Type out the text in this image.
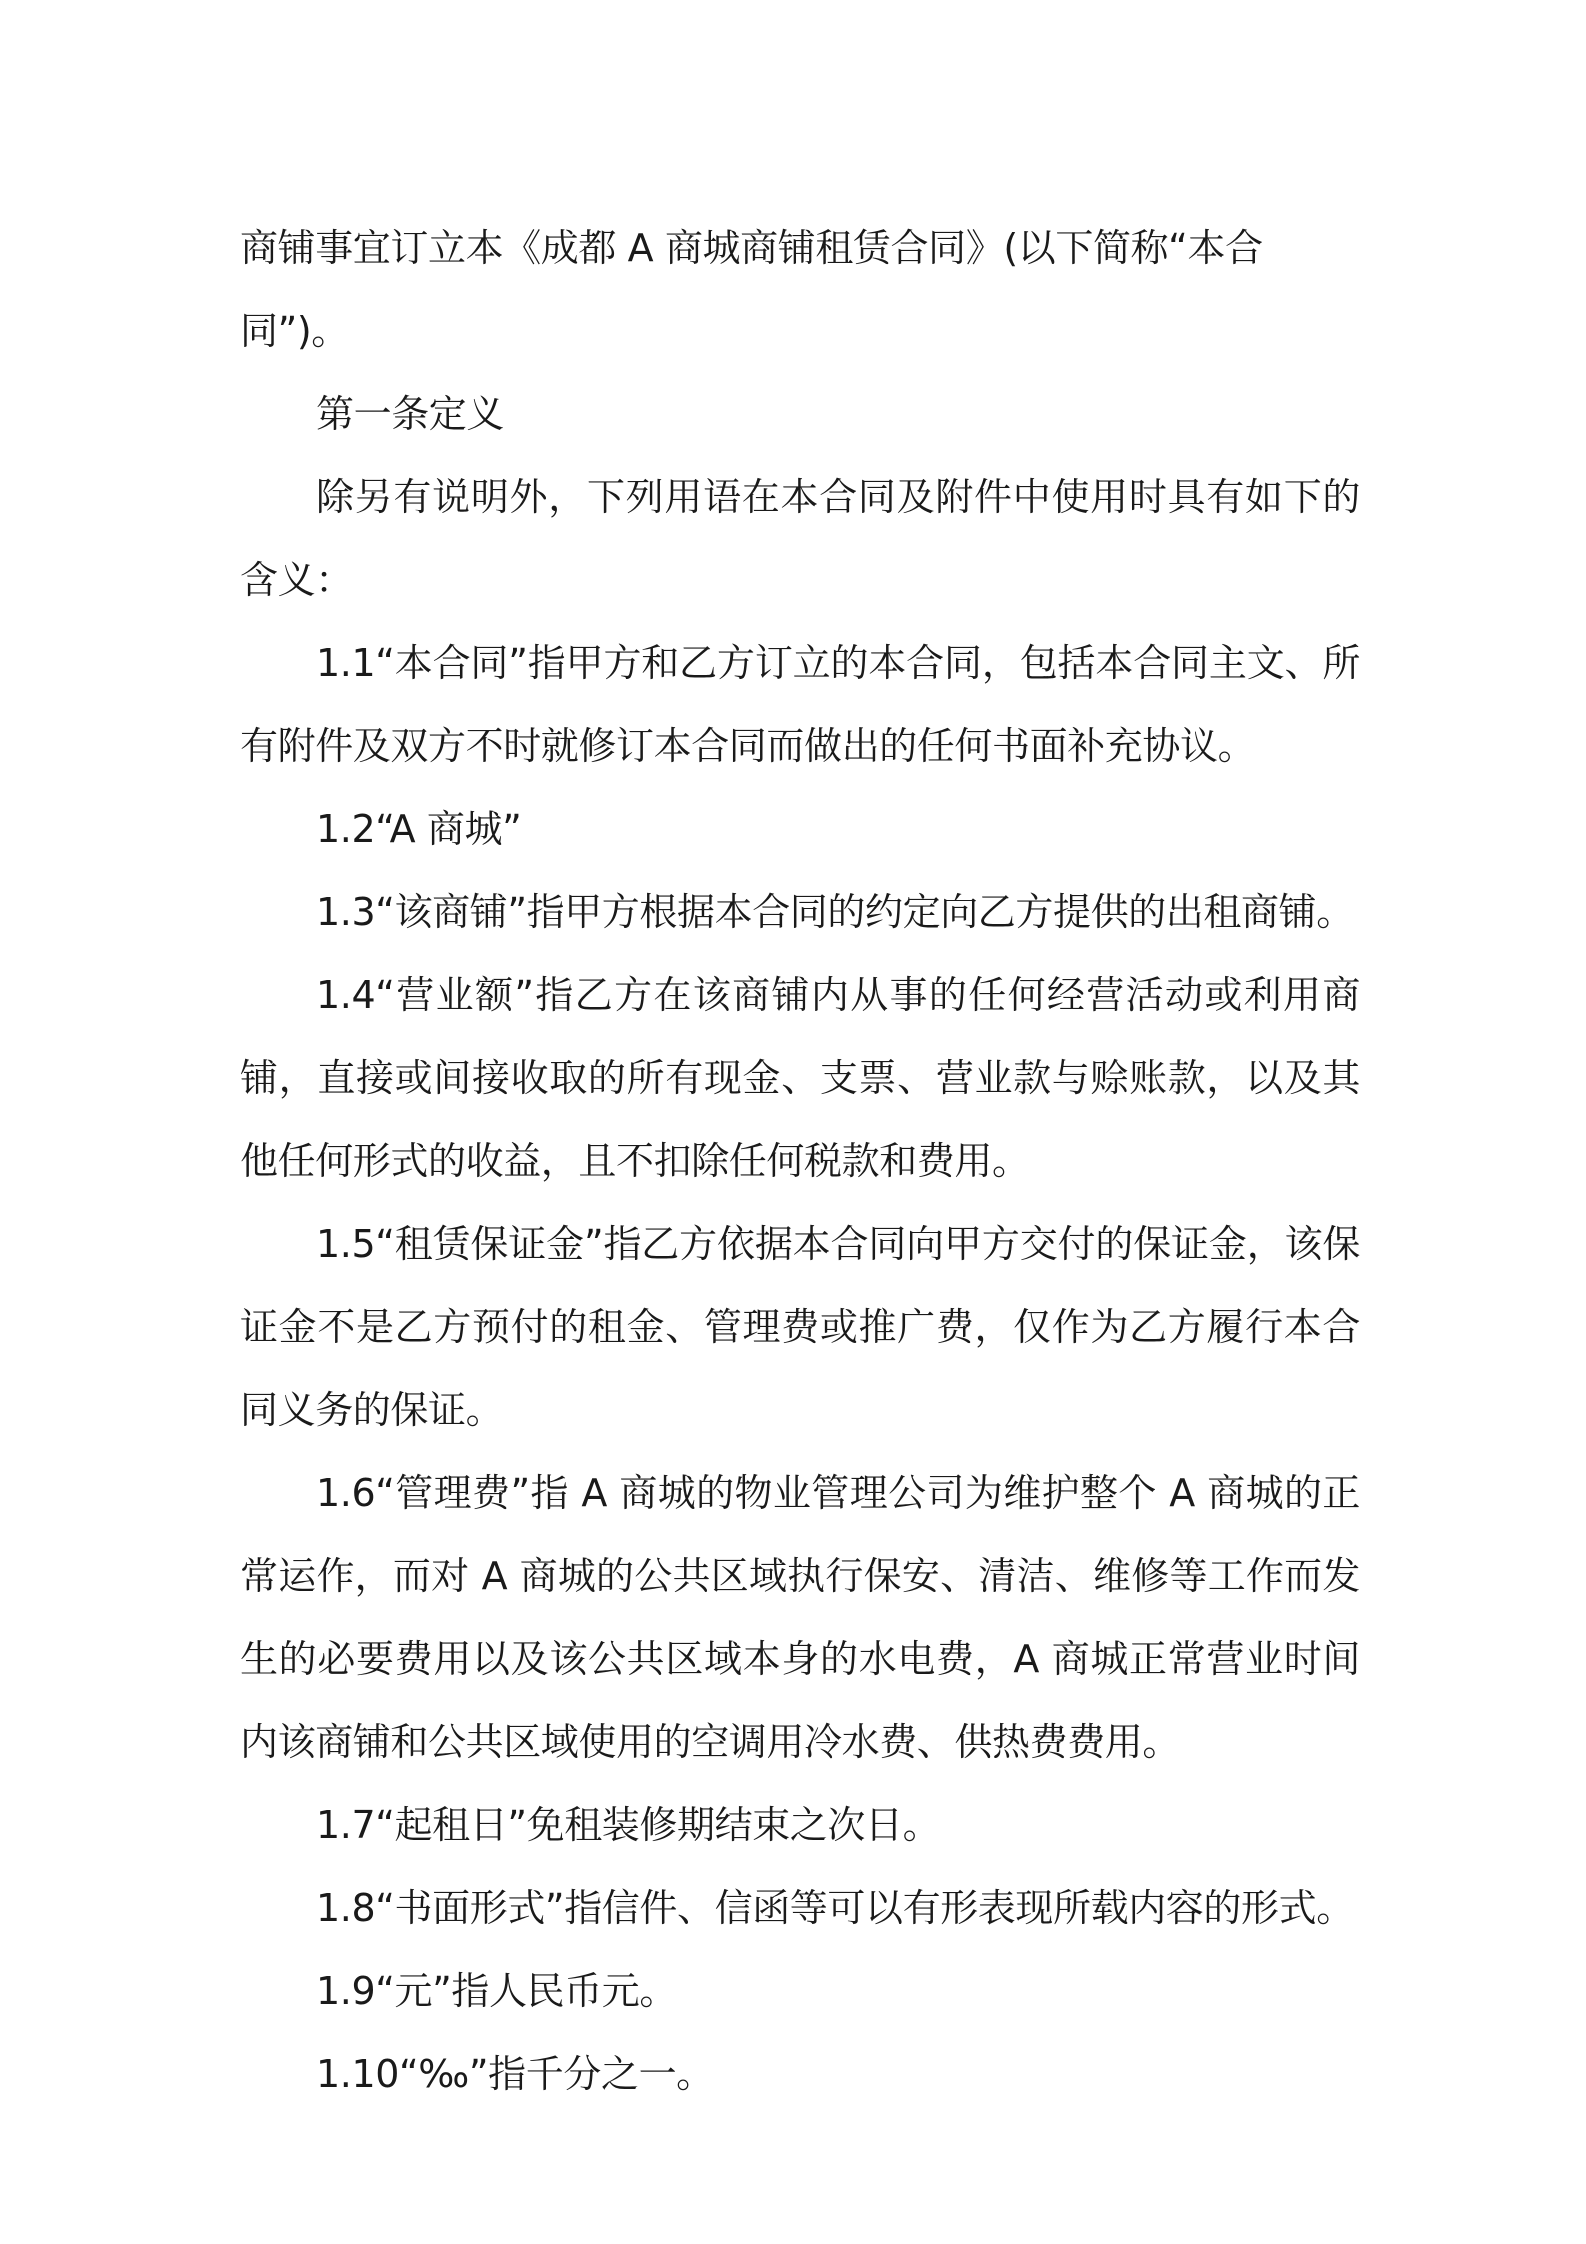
商铺事宜订立本《成都 A 商城商铺租赁合同》(以下简称“本合同”)。

第一条定义

除另有说明外，下列用语在本合同及附件中使用时具有如下的含义：

1.1“本合同”指甲方和乙方订立的本合同，包括本合同主文、所有附件及双方不时就修订本合同而做出的任何书面补充协议。

1.2“A 商城”

1.3“该商铺”指甲方根据本合同的约定向乙方提供的出租商铺。

1.4“营业额”指乙方在该商铺内从事的任何经营活动或利用商铺，直接或间接收取的所有现金、支票、营业款与赊账款，以及其他任何形式的收益，且不扣除任何税款和费用。

1.5“租赁保证金”指乙方依据本合同向甲方交付的保证金，该保证金不是乙方预付的租金、管理费或推广费，仅作为乙方履行本合同义务的保证。

1.6“管理费”指 A 商城的物业管理公司为维护整个 A 商城的正常运作，而对 A 商城的公共区域执行保安、清洁、维修等工作而发生的必要费用以及该公共区域本身的水电费，A 商城正常营业时间内该商铺和公共区域使用的空调用冷水费、供热费费用。

1.7“起租日”免租装修期结束之次日。

1.8“书面形式”指信件、信函等可以有形表现所载内容的形式。

1.9“元”指人民币元。

1.10“‰”指千分之一。
